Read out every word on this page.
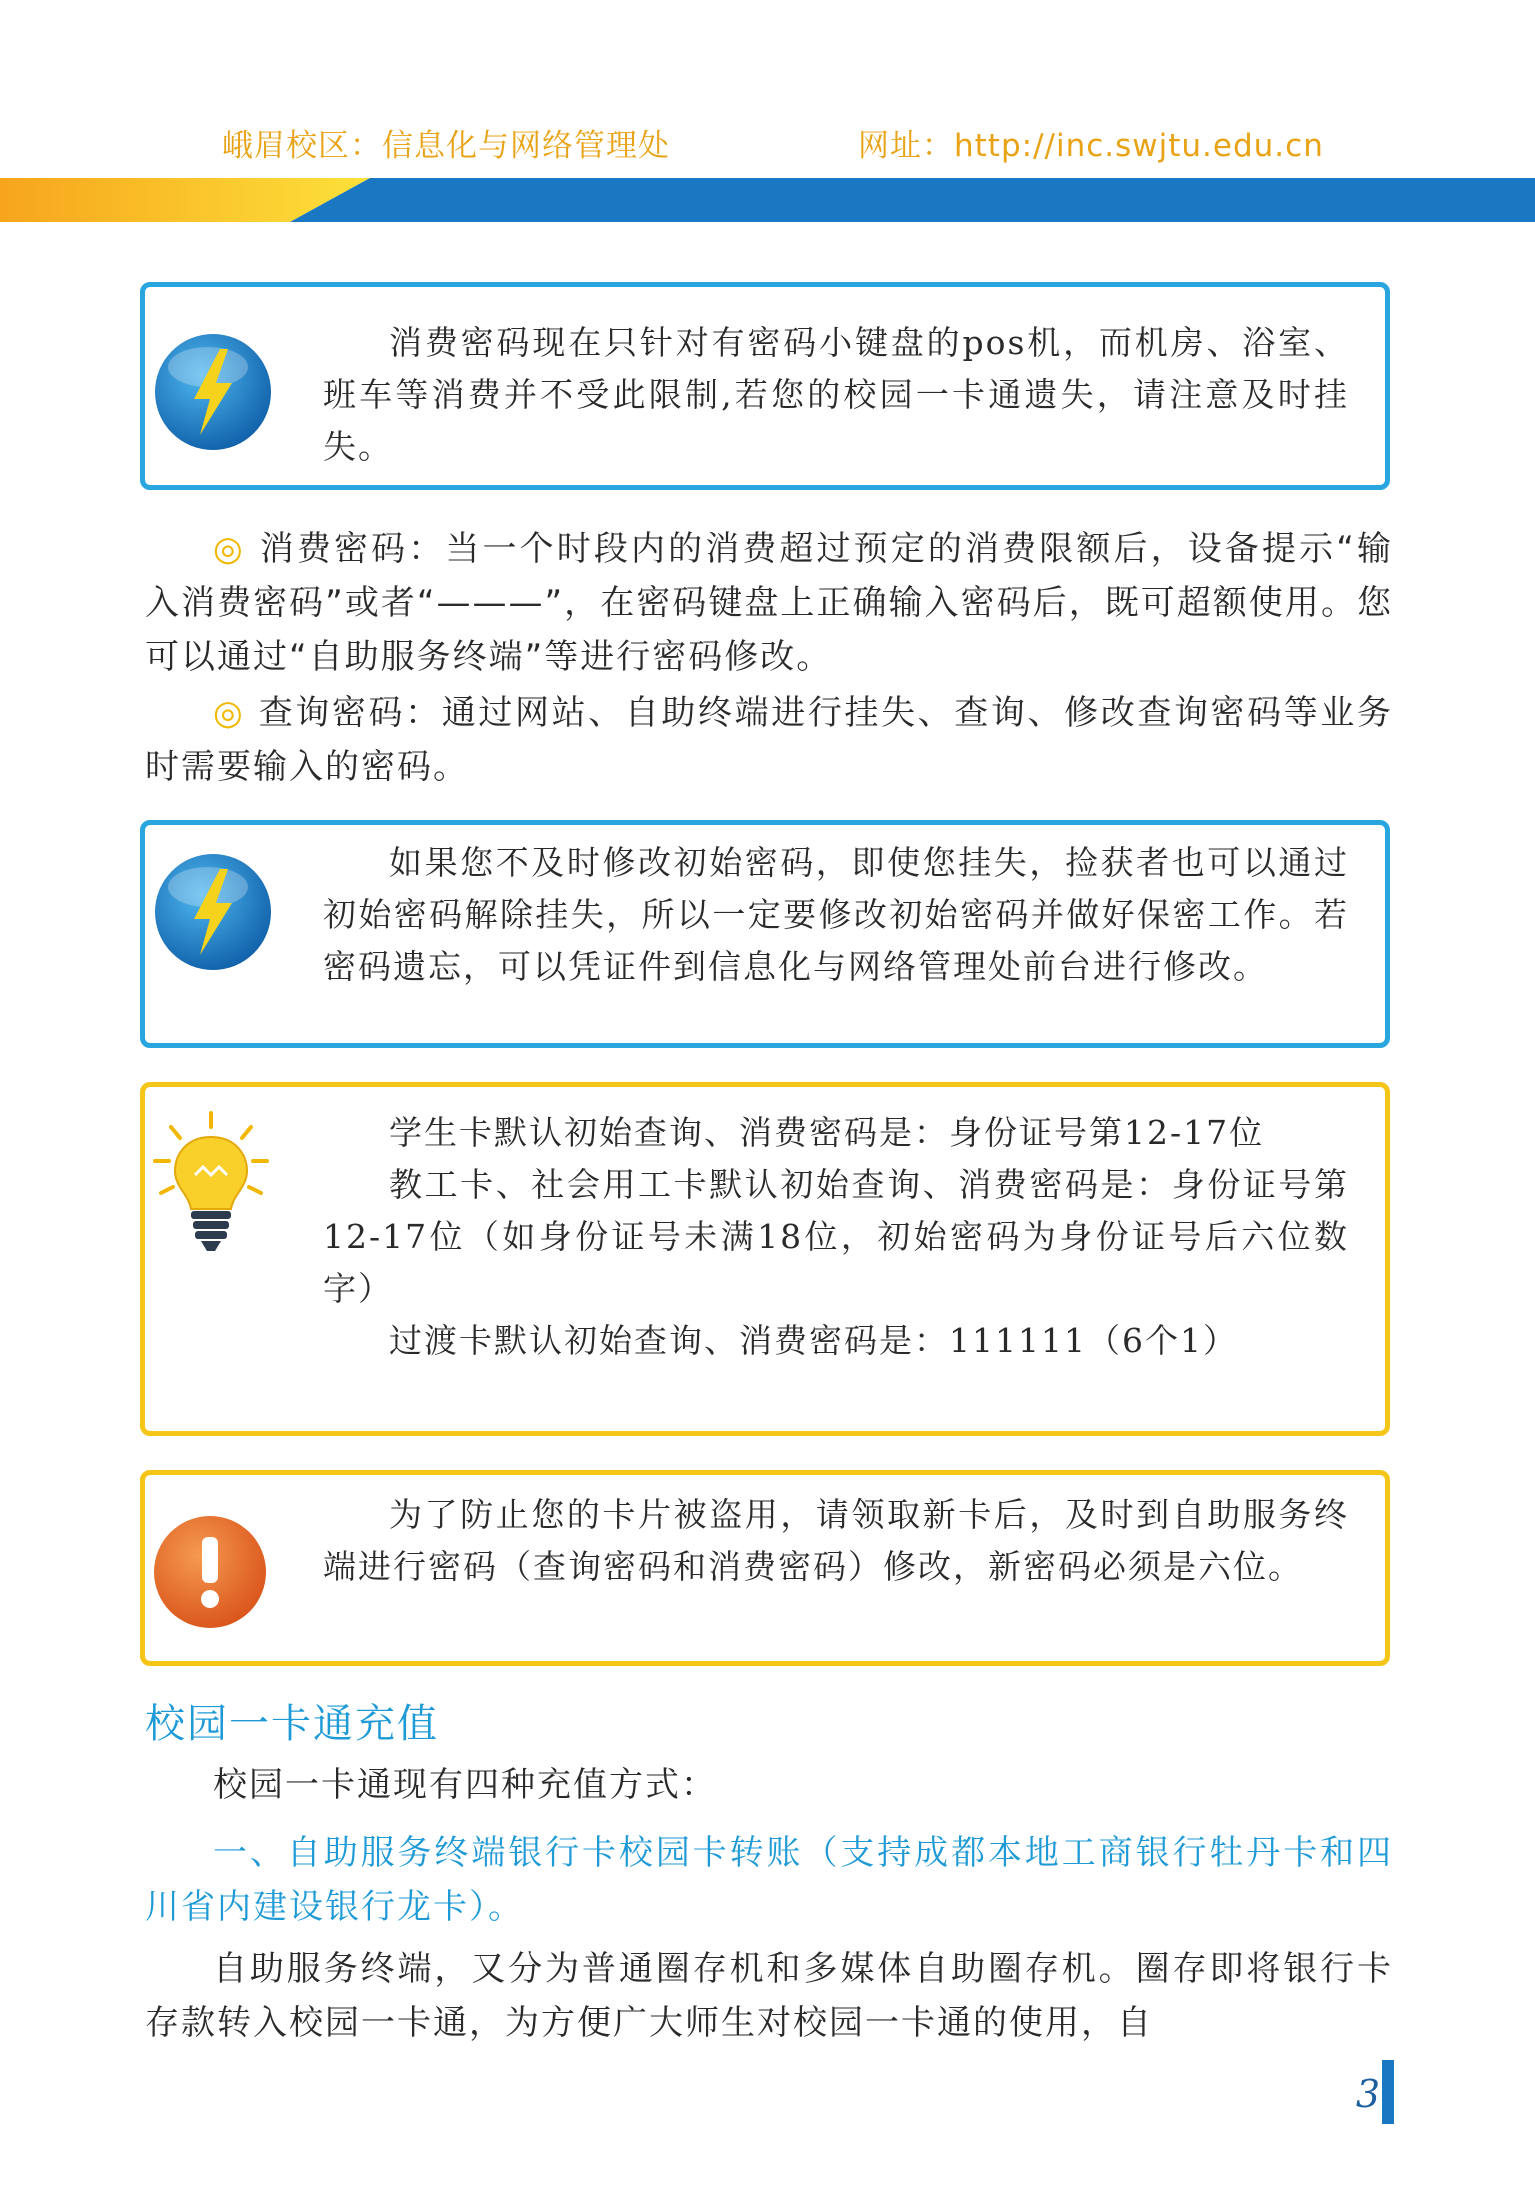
峨眉校区：信息化与网络管理处	网址：http://inc.swjtu.edu.cn

消费密码现在只针对有密码小键盘的pos机，而机房、浴室、班车等消费并不受此限制,若您的校园一卡通遗失，请注意及时挂失。

◎ 消费密码：当一个时段内的消费超过预定的消费限额后，设备提示“输入消费密码”或者“———”，在密码键盘上正确输入密码后，既可超额使用。您可以通过“自助服务终端”等进行密码修改。
◎ 查询密码：通过网站、自助终端进行挂失、查询、修改查询密码等业务时需要输入的密码。

如果您不及时修改初始密码，即使您挂失，捡获者也可以通过初始密码解除挂失，所以一定要修改初始密码并做好保密工作。若密码遗忘，可以凭证件到信息化与网络管理处前台进行修改。

学生卡默认初始查询、消费密码是：身份证号第12-17位

教工卡、社会用工卡默认初始查询、消费密码是：身份证号第12-17位（如身份证号未满18位，初始密码为身份证号后六位数字）

过渡卡默认初始查询、消费密码是：111111（6个1）

为了防止您的卡片被盗用，请领取新卡后，及时到自助服务终端进行密码（查询密码和消费密码）修改，新密码必须是六位。

校园一卡通充值
校园一卡通现有四种充值方式：
一、自助服务终端银行卡校园卡转账（支持成都本地工商银行牡丹卡和四川省内建设银行龙卡）。
自助服务终端，又分为普通圈存机和多媒体自助圈存机。圈存即将银行卡存款转入校园一卡通，为方便广大师生对校园一卡通的使用，自
3
